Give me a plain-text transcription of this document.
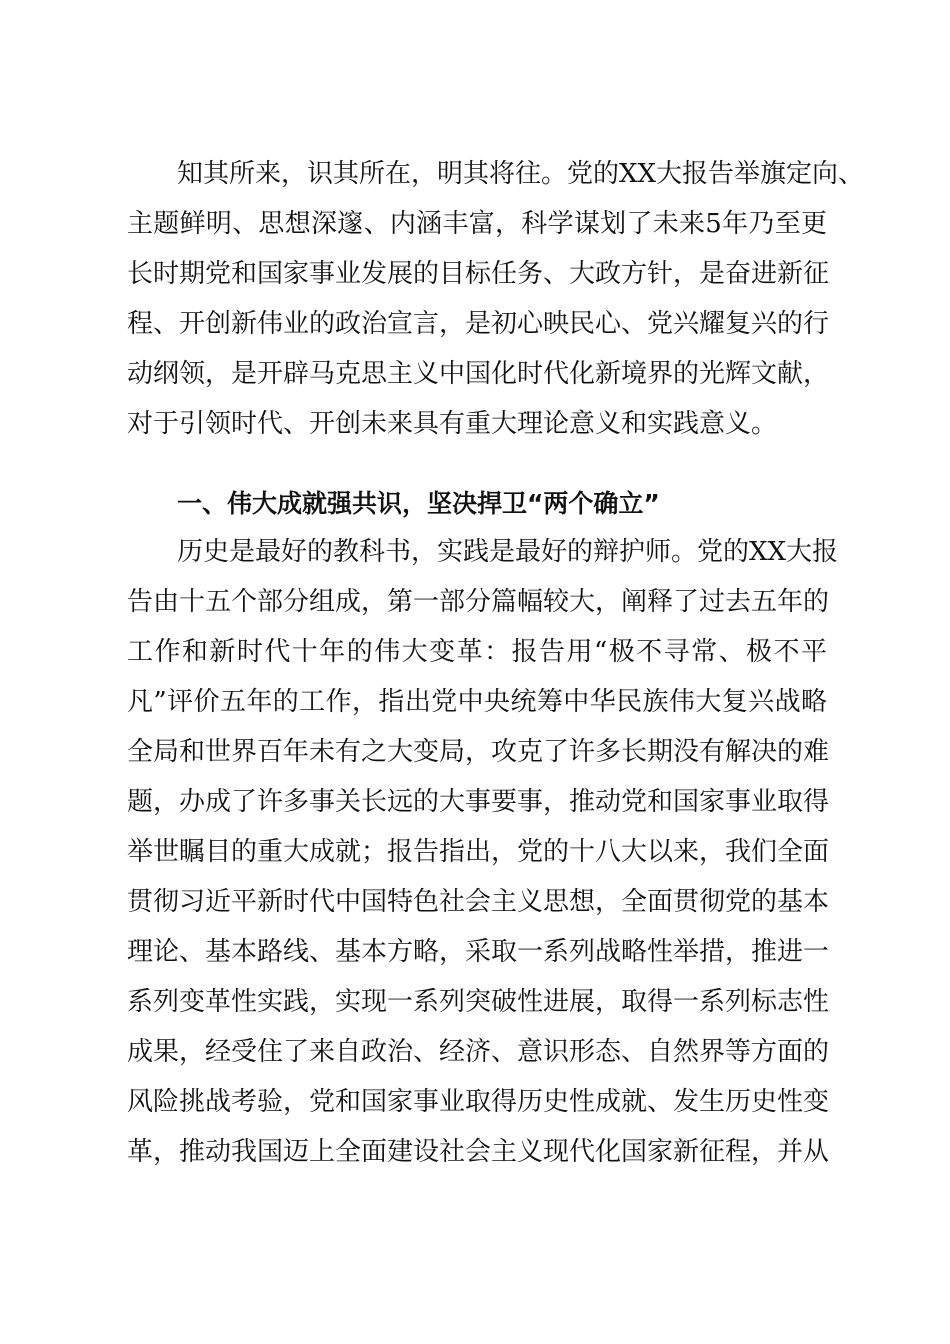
知其所来，识其所在，明其将往。党的XX大报告举旗定向、
主题鲜明、思想深邃、内涵丰富，科学谋划了未来5年乃至更
长时期党和国家事业发展的目标任务、大政方针，是奋进新征
程、开创新伟业的政治宣言，是初心映民心、党兴耀复兴的行
动纲领，是开辟马克思主义中国化时代化新境界的光辉文献，
对于引领时代、开创未来具有重大理论意义和实践意义。
一、伟大成就强共识，坚决捍卫“两个确立”
历史是最好的教科书，实践是最好的辩护师。党的XX大报
告由十五个部分组成，第一部分篇幅较大，阐释了过去五年的
工作和新时代十年的伟大变革：报告用“极不寻常、极不平
凡”评价五年的工作，指出党中央统筹中华民族伟大复兴战略
全局和世界百年未有之大变局，攻克了许多长期没有解决的难
题，办成了许多事关长远的大事要事，推动党和国家事业取得
举世瞩目的重大成就；报告指出，党的十八大以来，我们全面
贯彻习近平新时代中国特色社会主义思想，全面贯彻党的基本
理论、基本路线、基本方略，采取一系列战略性举措，推进一
系列变革性实践，实现一系列突破性进展，取得一系列标志性
成果，经受住了来自政治、经济、意识形态、自然界等方面的
风险挑战考验，党和国家事业取得历史性成就、发生历史性变
革，推动我国迈上全面建设社会主义现代化国家新征程，并从
